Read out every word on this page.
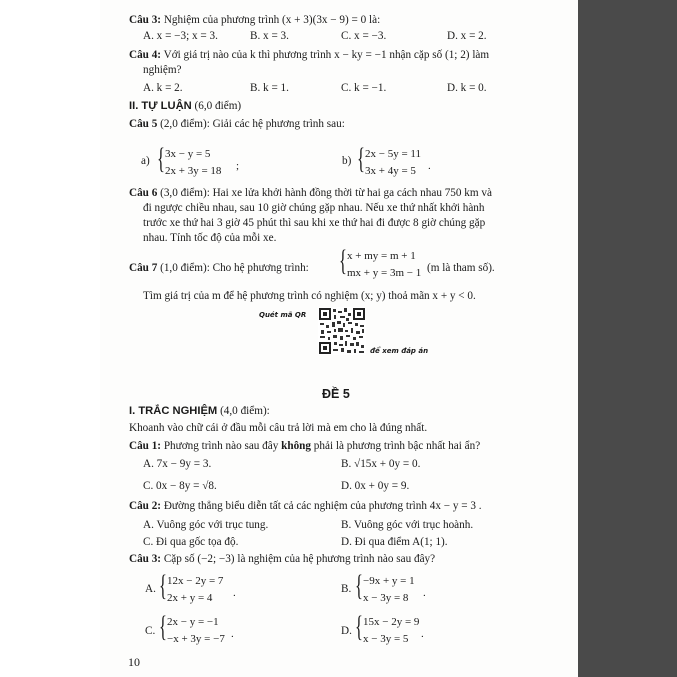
Câu 3: Nghiệm của phương trình (x + 3)(3x − 9) = 0 là:
A. x = −3; x = 3.	B. x = 3.	C. x = −3.	D. x = 2.
Câu 4: Với giá trị nào của k thì phương trình x − ky = −1 nhận cặp số (1; 2) làm
nghiệm?
A. k = 2.	B. k = 1.	C. k = −1.	D. k = 0.
II. TỰ LUẬN (6,0 điểm)
Câu 5 (2,0 điểm): Giải các hệ phương trình sau:
a) { 3x − y = 5
2x + 3y = 18 ;	b) { 2x − 5y = 11
3x + 4y = 5 .
Câu 6 (3,0 điểm): Hai xe lửa khởi hành đồng thời từ hai ga cách nhau 750 km và
đi ngược chiều nhau, sau 10 giờ chúng gặp nhau. Nếu xe thứ nhất khởi hành
trước xe thứ hai 3 giờ 45 phút thì sau khi xe thứ hai đi được 8 giờ chúng gặp
nhau. Tính tốc độ của mỗi xe.
Câu 7 (1,0 điểm): Cho hệ phương trình: { x + my = m + 1
mx + y = 3m − 1 (m là tham số).
Tìm giá trị của m để hệ phương trình có nghiệm (x; y) thoả mãn x + y < 0.
Quét mã QR
để xem đáp án
ĐỀ 5
I. TRẮC NGHIỆM (4,0 điểm):
Khoanh vào chữ cái ở đầu mỗi câu trả lời mà em cho là đúng nhất.
Câu 1: Phương trình nào sau đây không phải là phương trình bậc nhất hai ẩn?
A. 7x − 9y = 3.	B. √15x + 0y = 0.
C. 0x − 8y = √8.	D. 0x + 0y = 9.
Câu 2: Đường thẳng biểu diễn tất cả các nghiệm của phương trình 4x − y = 3 .
A. Vuông góc với trục tung.	B. Vuông góc với trục hoành.
C. Đi qua gốc tọa độ.	D. Đi qua điểm A(1; 1).
Câu 3: Cặp số (−2; −3) là nghiệm của hệ phương trình nào sau đây?
A. { 12x − 2y = 7
2x + y = 4 .	B. { −9x + y = 1
x − 3y = 8 .
C. { 2x − y = −1
−x + 3y = −7 .	D. { 15x − 2y = 9
x − 3y = 5 .
10
